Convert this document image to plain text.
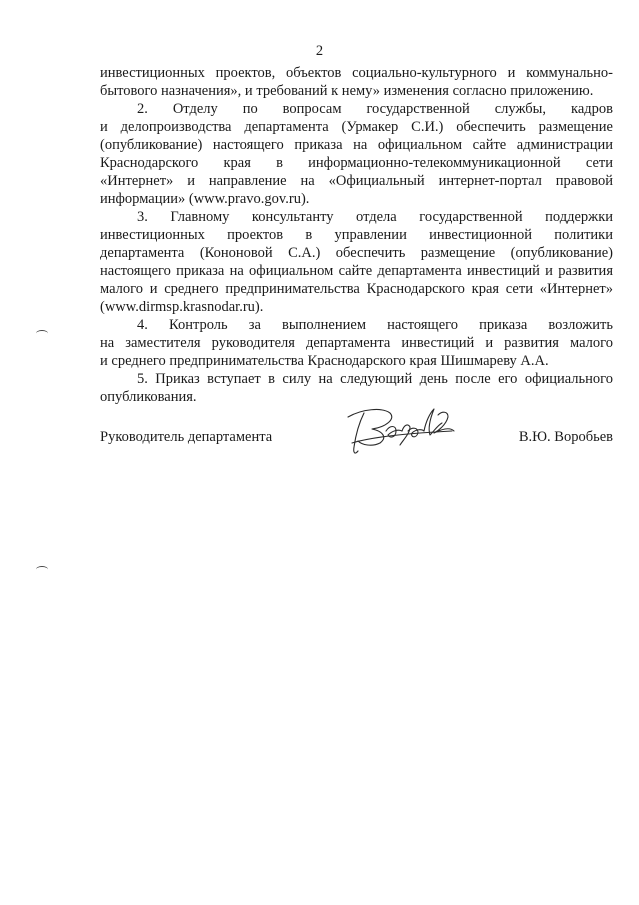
2
инвестиционных проектов, объектов социально-культурного и коммунально-
бытового назначения», и требований к нему» изменения согласно приложению.
2. Отделу по вопросам государственной службы, кадров
и делопроизводства департамента (Урмакер С.И.) обеспечить размещение
(опубликование) настоящего приказа на официальном сайте администрации
Краснодарского края в информационно-телекоммуникационной сети
«Интернет» и направление на «Официальный интернет-портал правовой
информации» (www.pravo.gov.ru).
3. Главному консультанту отдела государственной поддержки
инвестиционных проектов в управлении инвестиционной политики
департамента (Кононовой С.А.) обеспечить размещение (опубликование)
настоящего приказа на официальном сайте департамента инвестиций и развития
малого и среднего предпринимательства Краснодарского края сети «Интернет»
(www.dirmsp.krasnodar.ru).
4. Контроль за выполнением настоящего приказа возложить
на заместителя руководителя департамента инвестиций и развития малого
и среднего предпринимательства Краснодарского края Шишмареву А.А.
5. Приказ вступает в силу на следующий день после его официального
опубликования.
Руководитель департамента	В.Ю. Воробьев
